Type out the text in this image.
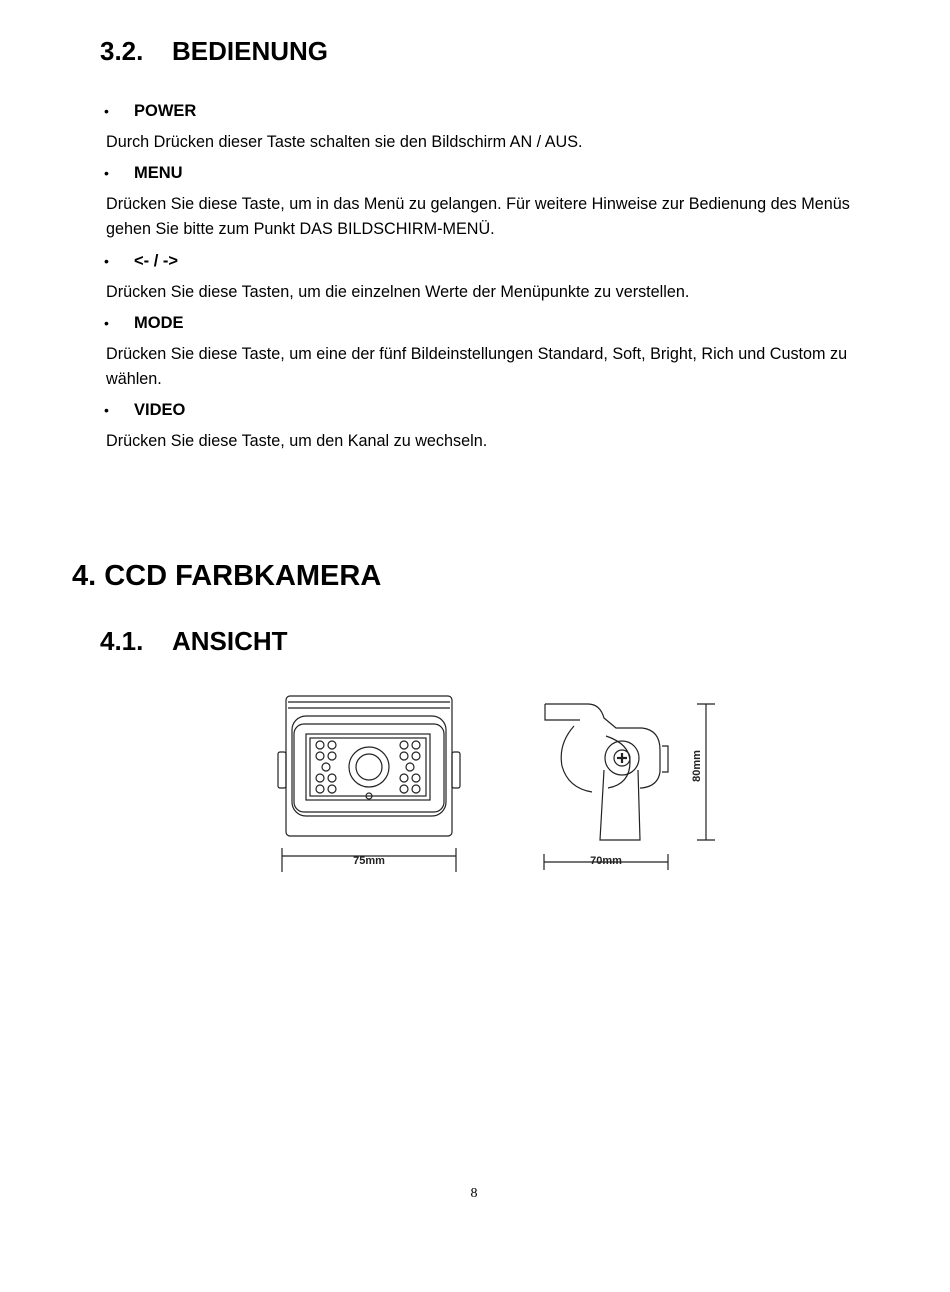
3.2.	BEDIENUNG
• POWER
Durch Drücken dieser Taste schalten sie den Bildschirm AN / AUS.
• MENU
Drücken Sie diese Taste, um in das Menü zu gelangen. Für weitere Hinweise zur Bedienung des Menüs gehen Sie bitte zum Punkt DAS BILDSCHIRM-MENÜ.
• <- / ->
Drücken Sie diese Tasten, um die einzelnen Werte der Menüpunkte zu verstellen.
• MODE
Drücken Sie diese Taste, um eine der fünf Bildeinstellungen Standard, Soft, Bright, Rich und Custom zu wählen.
• VIDEO
Drücken Sie diese Taste, um den Kanal zu wechseln.
4. CCD FARBKAMERA
4.1.	ANSICHT
75mm	70mm
80mm
8
